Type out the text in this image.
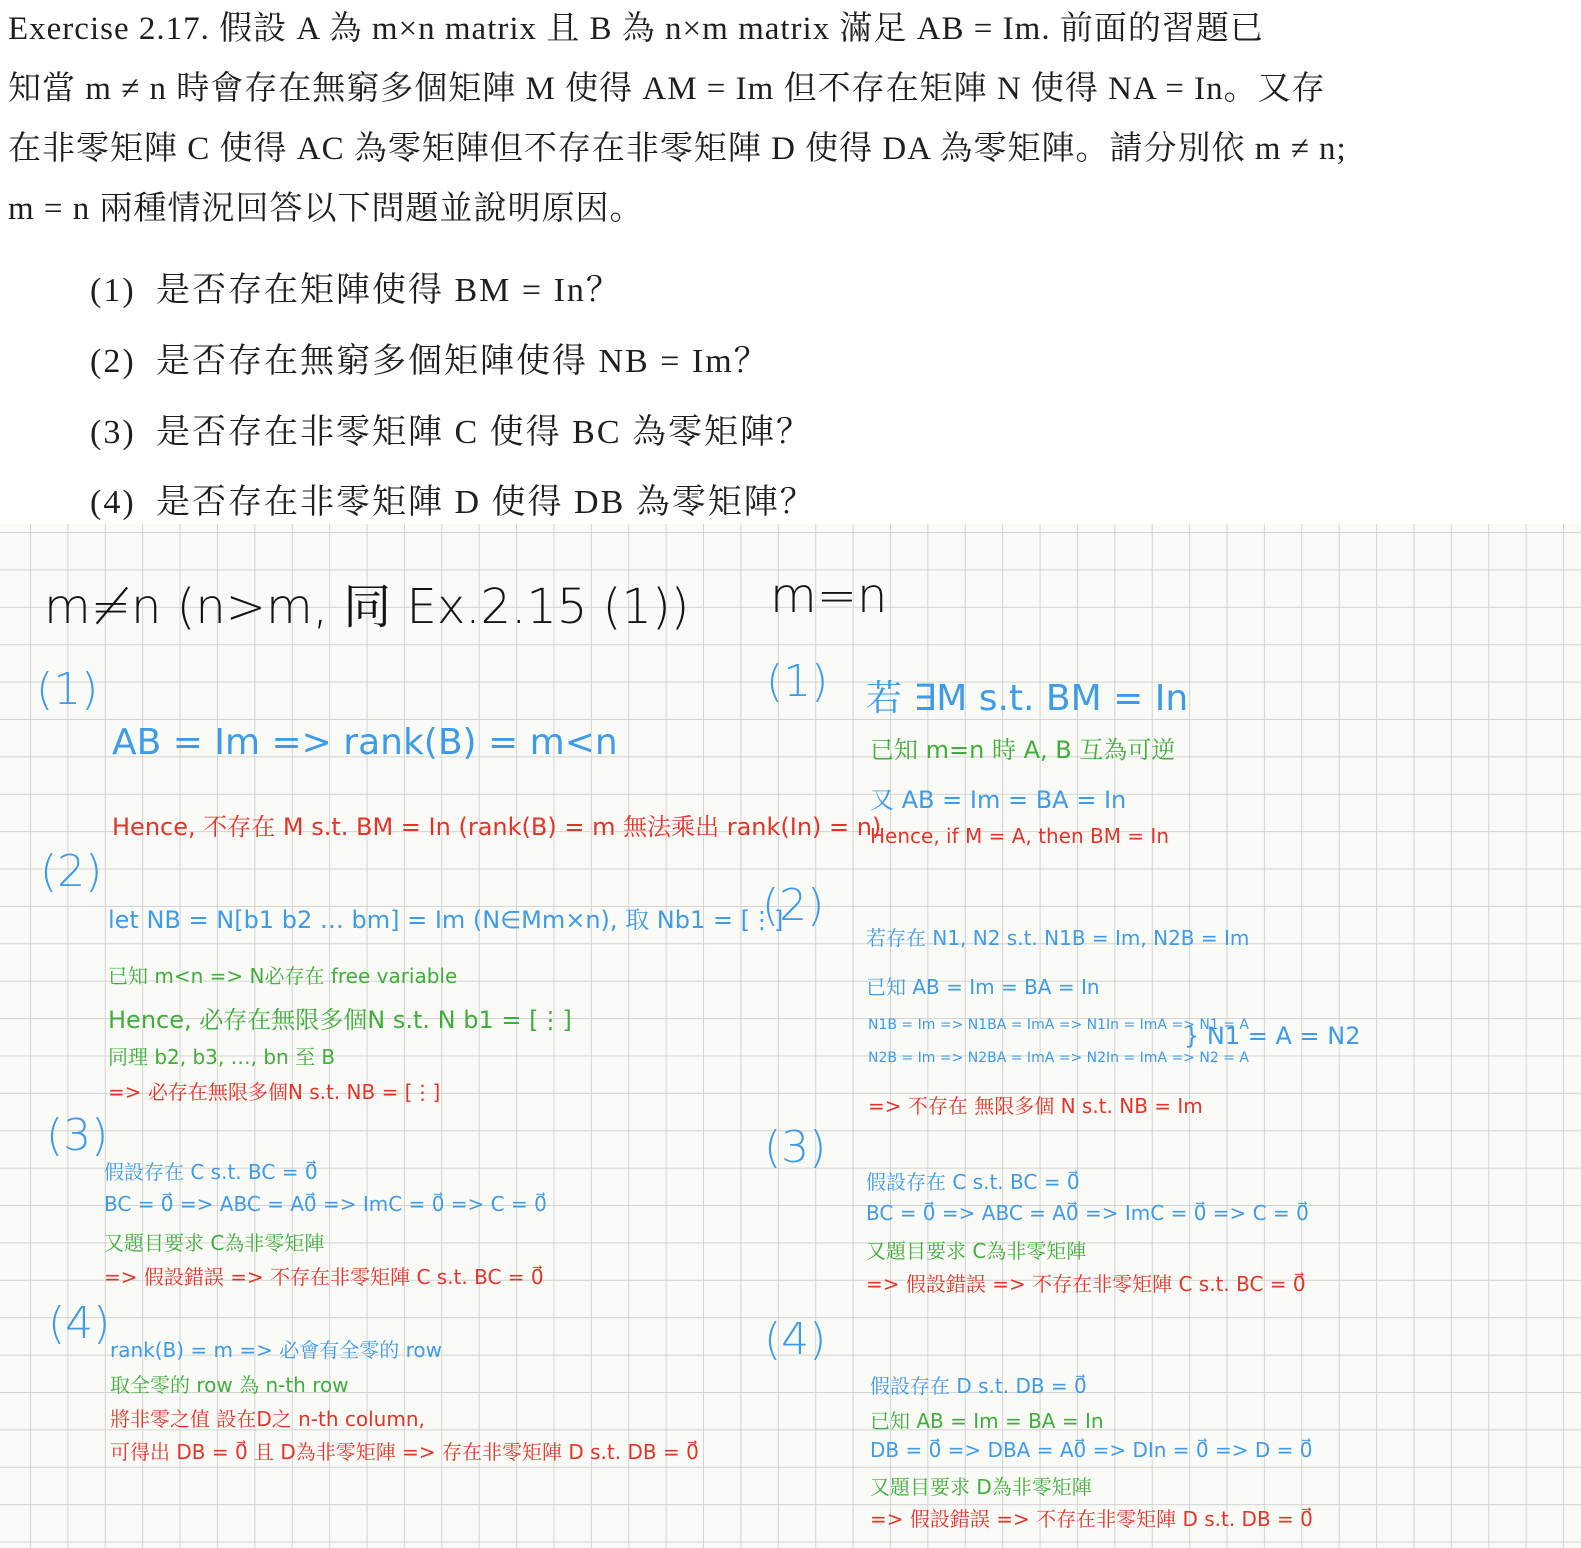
Exercise 2.17. 假設 A 為 m×n matrix 且 B 為 n×m matrix 滿足 AB = Im. 前面的習題已
知當 m ≠ n 時會存在無窮多個矩陣 M 使得 AM = Im 但不存在矩陣 N 使得 NA = In。又存
在非零矩陣 C 使得 AC 為零矩陣但不存在非零矩陣 D 使得 DA 為零矩陣。請分別依 m ≠ n;
m = n 兩種情況回答以下問題並說明原因。
(1) 是否存在矩陣使得 BM = In？
(2) 是否存在無窮多個矩陣使得 NB = Im？
(3) 是否存在非零矩陣 C 使得 BC 為零矩陣？
(4) 是否存在非零矩陣 D 使得 DB 為零矩陣？
m≠n (n>m, 同 Ex.2.15 (1))
(1)
AB = Im => rank(B) = m<n
Hence, 不存在 M s.t. BM = In (rank(B) = m 無法乘出 rank(In) = n)
(2)
let NB = N[b1 b2 … bm] = Im (N∈Mm×n), 取 Nb1 = [⋮]
已知 m<n => N必存在 free variable
Hence, 必存在無限多個N s.t. N b1 = [⋮]
同理 b2, b3, …, bn 至 B
=> 必存在無限多個N s.t. NB = [⋮]
(3)
假設存在 C s.t. BC = 0⃗
BC = 0⃗ => ABC = A0⃗ => ImC = 0⃗ => C = 0⃗
又題目要求 C為非零矩陣
=> 假設錯誤 => 不存在非零矩陣 C s.t. BC = 0⃗
(4)
rank(B) = m => 必會有全零的 row
取全零的 row 為 n-th row
將非零之值 設在D之 n-th column,
可得出 DB = 0⃗ 且 D為非零矩陣 => 存在非零矩陣 D s.t. DB = 0⃗
m=n
(1) 若 ∃M s.t. BM = In
已知 m=n 時 A, B 互為可逆
又 AB = Im = BA = In
Hence, if M = A, then BM = In
(2)
若存在 N1, N2 s.t. N1B = Im, N2B = Im
已知 AB = Im = BA = In
N1B = Im => N1BA = ImA => N1In = ImA => N1 = A
N2B = Im => N2BA = ImA => N2In = ImA => N2 = A
} N1 = A = N2
=> 不存在 無限多個 N s.t. NB = Im
(3)
假設存在 C s.t. BC = 0⃗
BC = 0⃗ => ABC = A0⃗ => ImC = 0⃗ => C = 0⃗
又題目要求 C為非零矩陣
=> 假設錯誤 => 不存在非零矩陣 C s.t. BC = 0⃗
(4)
假設存在 D s.t. DB = 0⃗
已知 AB = Im = BA = In
DB = 0⃗ => DBA = A0⃗ => DIn = 0⃗ => D = 0⃗
又題目要求 D為非零矩陣
=> 假設錯誤 => 不存在非零矩陣 D s.t. DB = 0⃗
